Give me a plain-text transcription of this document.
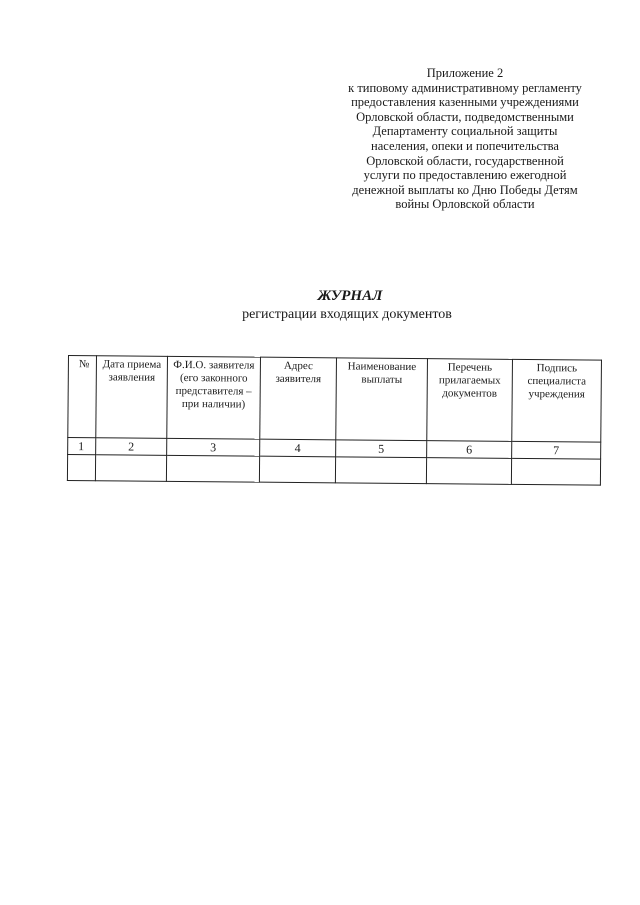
Приложение 2
к типовому административному регламенту
предоставления казенными учреждениями
Орловской области, подведомственными
Департаменту социальной защиты
населения, опеки и попечительства
Орловской области, государственной
услуги по предоставлению ежегодной
денежной выплаты ко Дню Победы Детям
войны Орловской области
ЖУРНАЛ
регистрации входящих документов
№	Дата приема заявления	Ф.И.О. заявителя (его законного представителя – при наличии)	Адрес заявителя	Наименование выплаты	Перечень прилагаемых документов	Подпись специалиста учреждения
1	2	3	4	5	6	7
